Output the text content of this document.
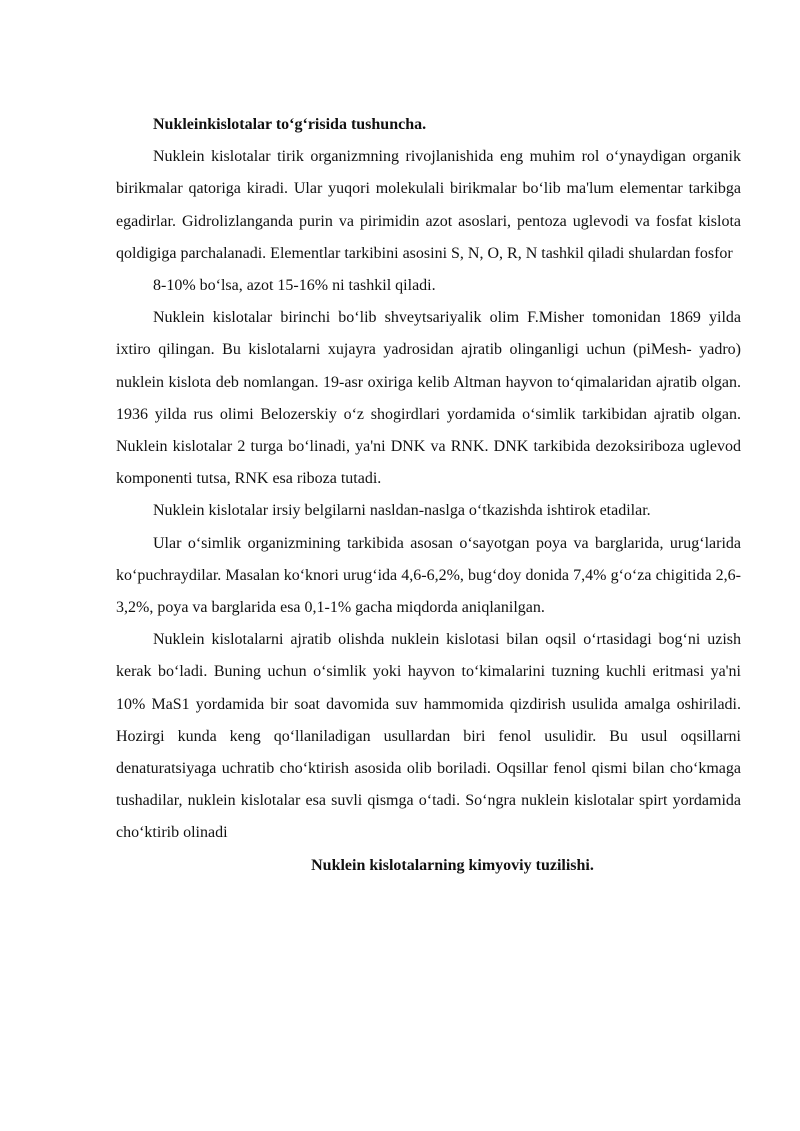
Nukleinkislotalar to‘g‘risida tushuncha.

Nuklein kislotalar tirik organizmning rivojlanishida eng muhim rol o‘ynaydigan organik birikmalar qatoriga kiradi. Ular yuqori molekulali birikmalar bo‘lib ma'lum elementar tarkibga egadirlar. Gidrolizlanganda purin va pirimidin azot asoslari, pentoza uglevodi va fosfat kislota qoldigiga parchalanadi. Elementlar tarkibini asosini S, N, O, R, N tashkil qiladi shulardan fosfor

8-10% bo‘lsa, azot 15-16% ni tashkil qiladi.

Nuklein kislotalar birinchi bo‘lib shveytsariyalik olim F.Misher tomonidan 1869 yilda ixtiro qilingan. Bu kislotalarni xujayra yadrosidan ajratib olinganligi uchun (piMesh- yadro) nuklein kislota deb nomlangan. 19-asr oxiriga kelib Altman hayvon to‘qimalaridan ajratib olgan. 1936 yilda rus olimi Belozerskiy o‘z shogirdlari yordamida o‘simlik tarkibidan ajratib olgan. Nuklein kislotalar 2 turga bo‘linadi, ya'ni DNK va RNK. DNK tarkibida dezoksiriboza uglevod komponenti tutsa, RNK esa riboza tutadi.

Nuklein kislotalar irsiy belgilarni nasldan-naslga o‘tkazishda ishtirok etadilar.

Ular o‘simlik organizmining tarkibida asosan o‘sayotgan poya va barglarida, urug‘larida ko‘puchraydilar. Masalan ko‘knori urug‘ida 4,6-6,2%, bug‘doy donida 7,4% g‘o‘za chigitida 2,6-3,2%, poya va barglarida esa 0,1-1% gacha miqdorda aniqlanilgan.

Nuklein kislotalarni ajratib olishda nuklein kislotasi bilan oqsil o‘rtasidagi bog‘ni uzish kerak bo‘ladi. Buning uchun o‘simlik yoki hayvon to‘kimalarini tuzning kuchli eritmasi ya'ni 10% MaS1 yordamida bir soat davomida suv hammomida qizdirish usulida amalga oshiriladi. Hozirgi kunda keng qo‘llaniladigan usullardan biri fenol usulidir. Bu usul oqsillarni denaturatsiyaga uchratib cho‘ktirish asosida olib boriladi. Oqsillar fenol qismi bilan cho‘kmaga tushadilar, nuklein kislotalar esa suvli qismga o‘tadi. So‘ngra nuklein kislotalar spirt yordamida cho‘ktirib olinadi

Nuklein kislotalarning kimyoviy tuzilishi.
